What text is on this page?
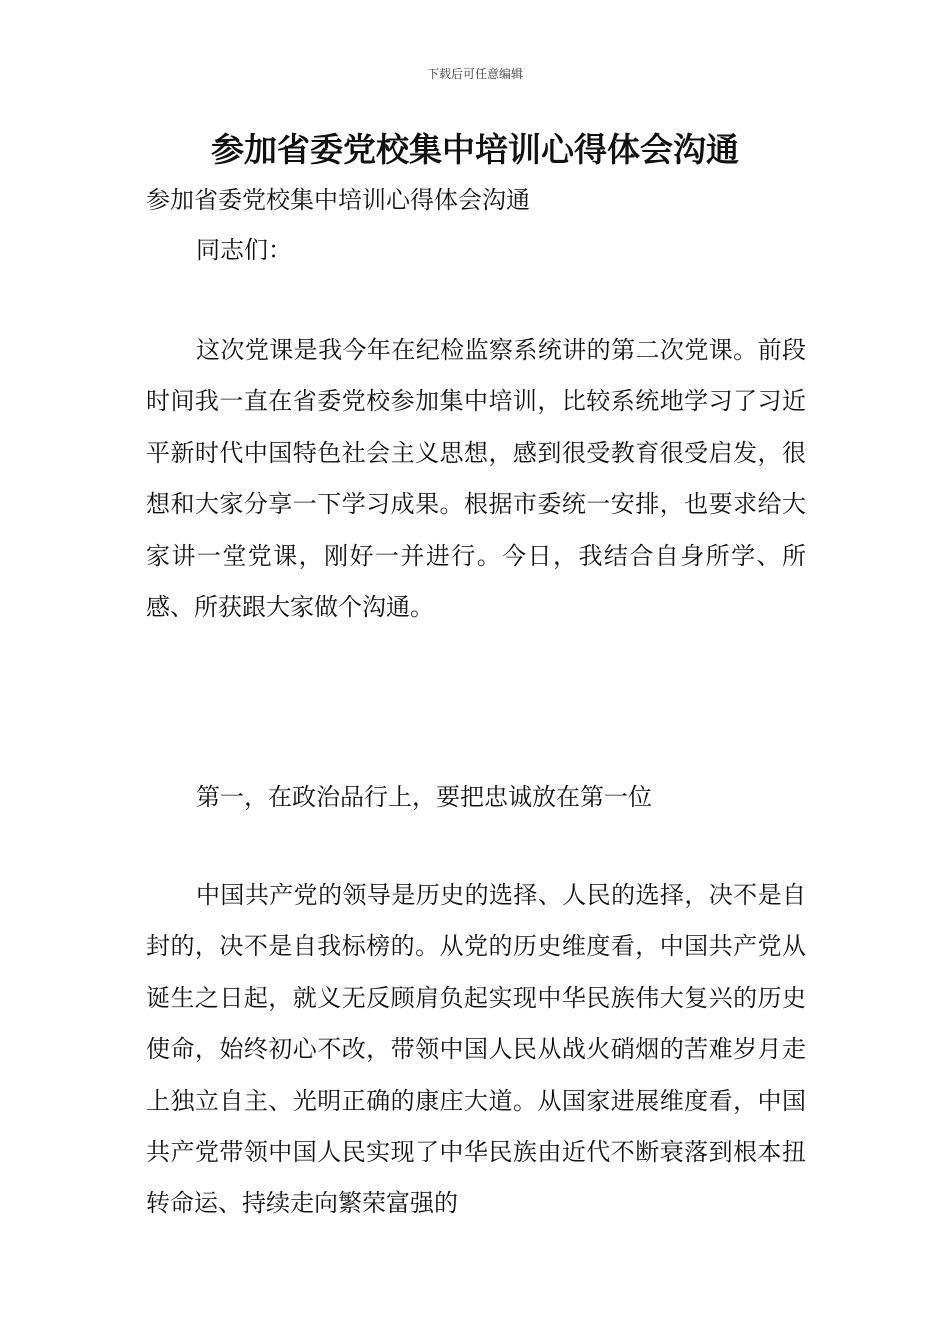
下载后可任意编辑
参加省委党校集中培训心得体会沟通
参加省委党校集中培训心得体会沟通
同志们：

这次党课是我今年在纪检监察系统讲的第二次党课。前段时间我一直在省委党校参加集中培训，比较系统地学习了习近平新时代中国特色社会主义思想，感到很受教育很受启发，很想和大家分享一下学习成果。根据市委统一安排，也要求给大家讲一堂党课，刚好一并进行。今日，我结合自身所学、所感、所获跟大家做个沟通。

第一，在政治品行上，要把忠诚放在第一位

中国共产党的领导是历史的选择、人民的选择，决不是自封的，决不是自我标榜的。从党的历史维度看，中国共产党从诞生之日起，就义无反顾肩负起实现中华民族伟大复兴的历史使命，始终初心不改，带领中国人民从战火硝烟的苦难岁月走上独立自主、光明正确的康庄大道。从国家进展维度看，中国共产党带领中国人民实现了中华民族由近代不断衰落到根本扭转命运、持续走向繁荣富强的
